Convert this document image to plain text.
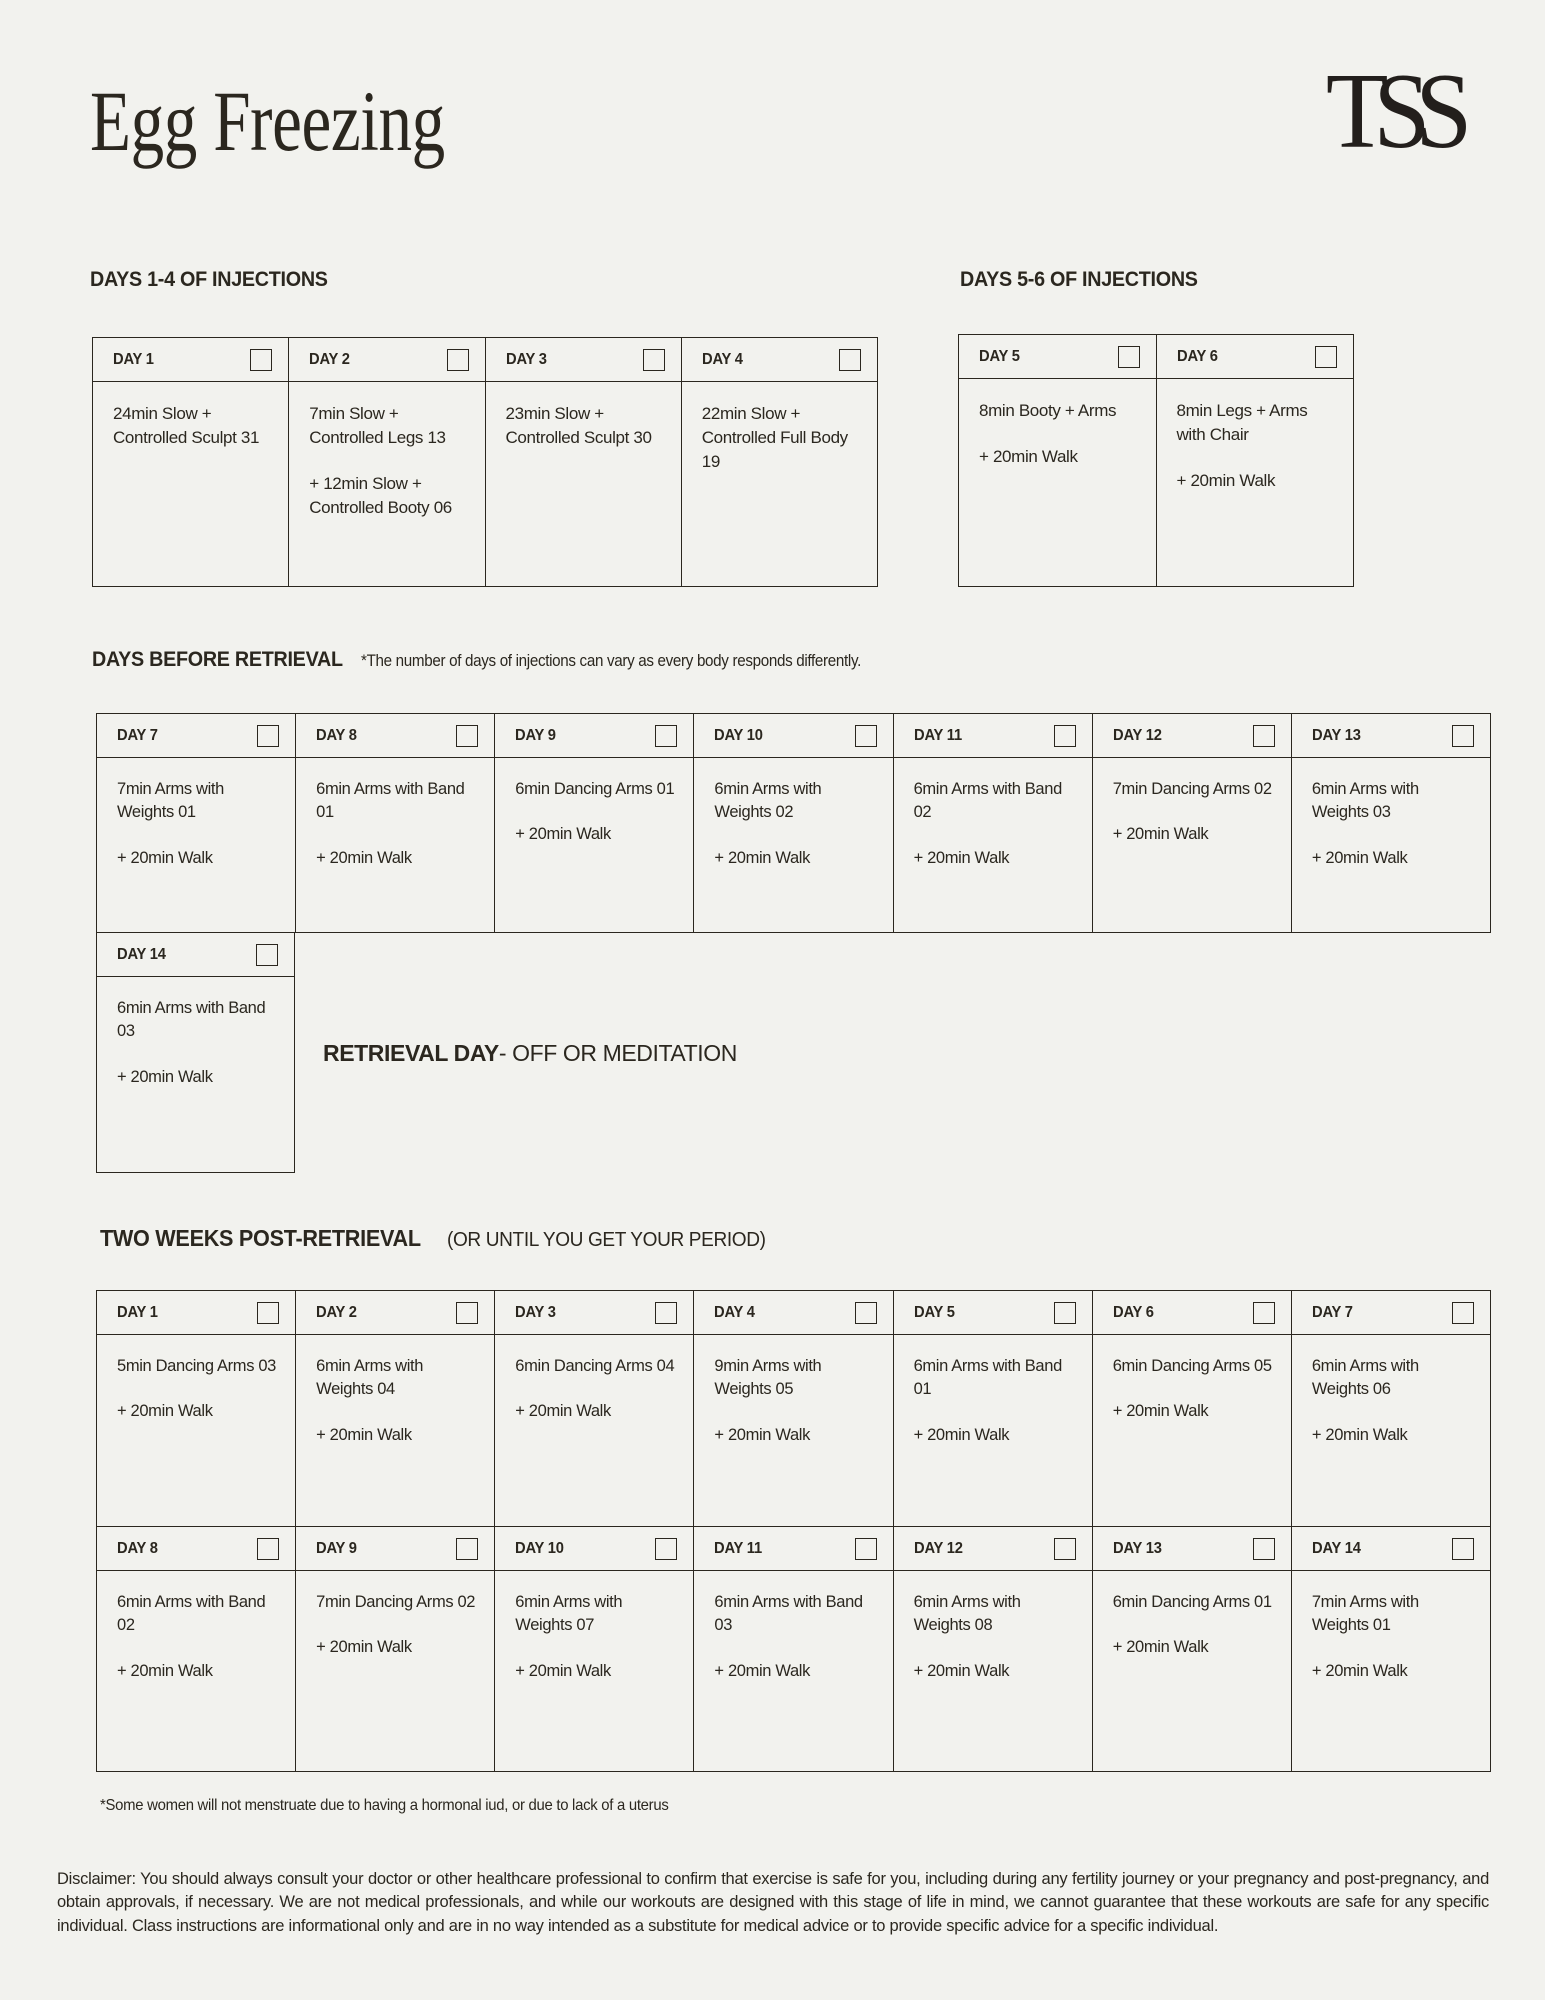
Egg Freezing	TSS
DAYS 1-4 OF INJECTIONS	DAYS 5-6 OF INJECTIONS
DAY 1

24min Slow + Controlled Sculpt 31

DAY 2

7min Slow + Controlled Legs 13

+ 12min Slow + Controlled Booty 06

DAY 3

23min Slow + Controlled Sculpt 30

DAY 4

22min Slow + Controlled Full Body 19

DAY 5

8min Booty + Arms

+ 20min Walk

DAY 6

8min Legs + Arms with Chair

+ 20min Walk

DAYS BEFORE RETRIEVAL *The number of days of injections can vary as every body responds differently.
DAY 7

7min Arms with Weights 01

+ 20min Walk

DAY 8

6min Arms with Band 01

+ 20min Walk

DAY 9

6min Dancing Arms 01

+ 20min Walk

DAY 10

6min Arms with Weights 02

+ 20min Walk

DAY 11

6min Arms with Band 02

+ 20min Walk

DAY 12

7min Dancing Arms 02

+ 20min Walk

DAY 13

6min Arms with Weights 03

+ 20min Walk

DAY 14

6min Arms with Band 03

+ 20min Walk

RETRIEVAL DAY - OFF OR MEDITATION
TWO WEEKS POST-RETRIEVAL (OR UNTIL YOU GET YOUR PERIOD)
DAY 1

5min Dancing Arms 03

+ 20min Walk

DAY 2

6min Arms with Weights 04

+ 20min Walk

DAY 3

6min Dancing Arms 04

+ 20min Walk

DAY 4

9min Arms with Weights 05

+ 20min Walk

DAY 5

6min Arms with Band 01

+ 20min Walk

DAY 6

6min Dancing Arms 05

+ 20min Walk

DAY 7

6min Arms with Weights 06

+ 20min Walk

DAY 8

6min Arms with Band 02

+ 20min Walk

DAY 9

7min Dancing Arms 02

+ 20min Walk

DAY 10

6min Arms with Weights 07

+ 20min Walk

DAY 11

6min Arms with Band 03

+ 20min Walk

DAY 12

6min Arms with Weights 08

+ 20min Walk

DAY 13

6min Dancing Arms 01

+ 20min Walk

DAY 14

7min Arms with Weights 01

+ 20min Walk

*Some women will not menstruate due to having a hormonal iud, or due to lack of a uterus
Disclaimer: You should always consult your doctor or other healthcare professional to confirm that exercise is safe for you, including during any fertility journey or your pregnancy and post-pregnancy, and obtain approvals, if necessary. We are not medical professionals, and while our workouts are designed with this stage of life in mind, we cannot guarantee that these workouts are safe for any specific individual. Class instructions are informational only and are in no way intended as a substitute for medical advice or to provide specific advice for a specific individual.
